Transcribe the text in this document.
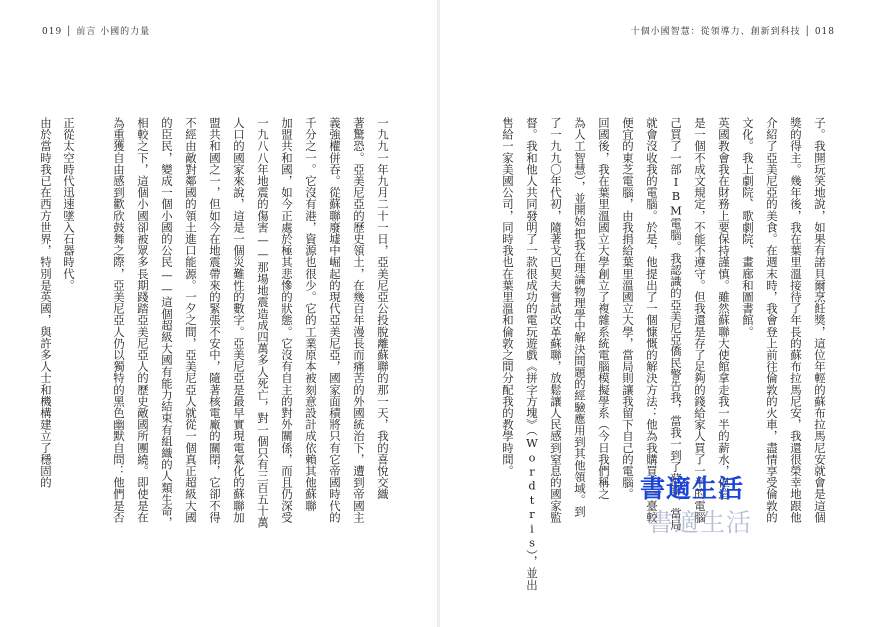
019 │ 前言 小國的力量	十個小國智慧：從領導力、創新到科技 │ 018
由於當時我已在西方世界，特別是英國，與許多人士和機構建立了穩固的 正從太空時代迅速墜入石器時代。	為重獲自由感到歡欣鼓舞之際，亞美尼亞人仍以獨特的黑色幽默自問：他們是否 相較之下，這個小國卻被眾多長期踐踏亞美尼亞人的歷史敵國所團繞。即使是在 的臣民，變成一個小國的公民——這個超級大國有能力結束有組織的人類生命， 不經由敵對鄰國的領土進口能源。一夕之間，亞美尼亞人就從一個真正超級大國 盟共和國之一，但如今在地震帶來的緊張不安中，隨著核電廠的關閉，它卻不得 人口的國家來說，這是一個災難性的數字。亞美尼亞是最早實現電氣化的蘇聯加 一九八八年地震的傷害——那場地震造成四萬多人死亡，對一個只有三百五十萬 加盟共和國，如今正處於極其悲慘的狀態。它沒有自主的對外關係，而且仍深受 千分之一。它沒有港，資源也很少。它的工業原本被刻意設計成依賴其他蘇聯 義強權併吞。從蘇聯廢墟中崛起的現代亞美尼亞，國家面積將只有它帝國時代的 著驚恐。亞美尼亞的歷史領土，在幾百年漫長而痛苦的外國統治下，遭到帝國主 一九九一年九月二十一日，亞美尼亞公投脫離蘇聯的那一天，我的喜悅交織	售給一家美國公司，同時我也在葉里溫和倫敦之間分配我的教學時間。 督。我和他人共同發明了一款很成功的電玩遊戲《拼字方塊》（Wordtris），並出 了一九九〇年代初，隨著戈巴契夫嘗試改革蘇聯，放鬆讓人民感到窒息的國家監 為人工智慧），並開始把我在理論物理學中解決問題的經驗應用到其他領域。到 回國後，我在葉里溫國立大學創立了複雜系統電腦模擬學系（今日我們稱之 便宜的東芝電腦，由我捐給葉里溫國立大學，當局則讓我留下自己的電腦。 就會沒收我的電腦。於是，他提出了一個慷慨的解決方法：他為我購買了一臺較 己買了一部IBM電腦。我認識的亞美尼亞僑民警告我，當我一到了蘇聯，當局 是一個不成文規定，不能不遵守。但我還是存了足夠的錢給家人買了一半的電腦 英國教會我在財務上要保持謹慎。雖然蘇聯大使館拿走我一半的薪水，但這 文化。我上劇院、歌劇院、畫廊和圖書館。 介紹了亞美尼亞的美食。在週末時，我會登上前往倫敦的火車，盡情享受倫敦的 獎的得主。幾年後，我在葉里溫接待了年長的蘇布拉馬尼安，我還很榮幸地跟他 子。我開玩笑地說，如果有諾貝爾烹飪獎，這位年輕的蘇布拉馬尼安就會是這個
書適生活
書適生活
